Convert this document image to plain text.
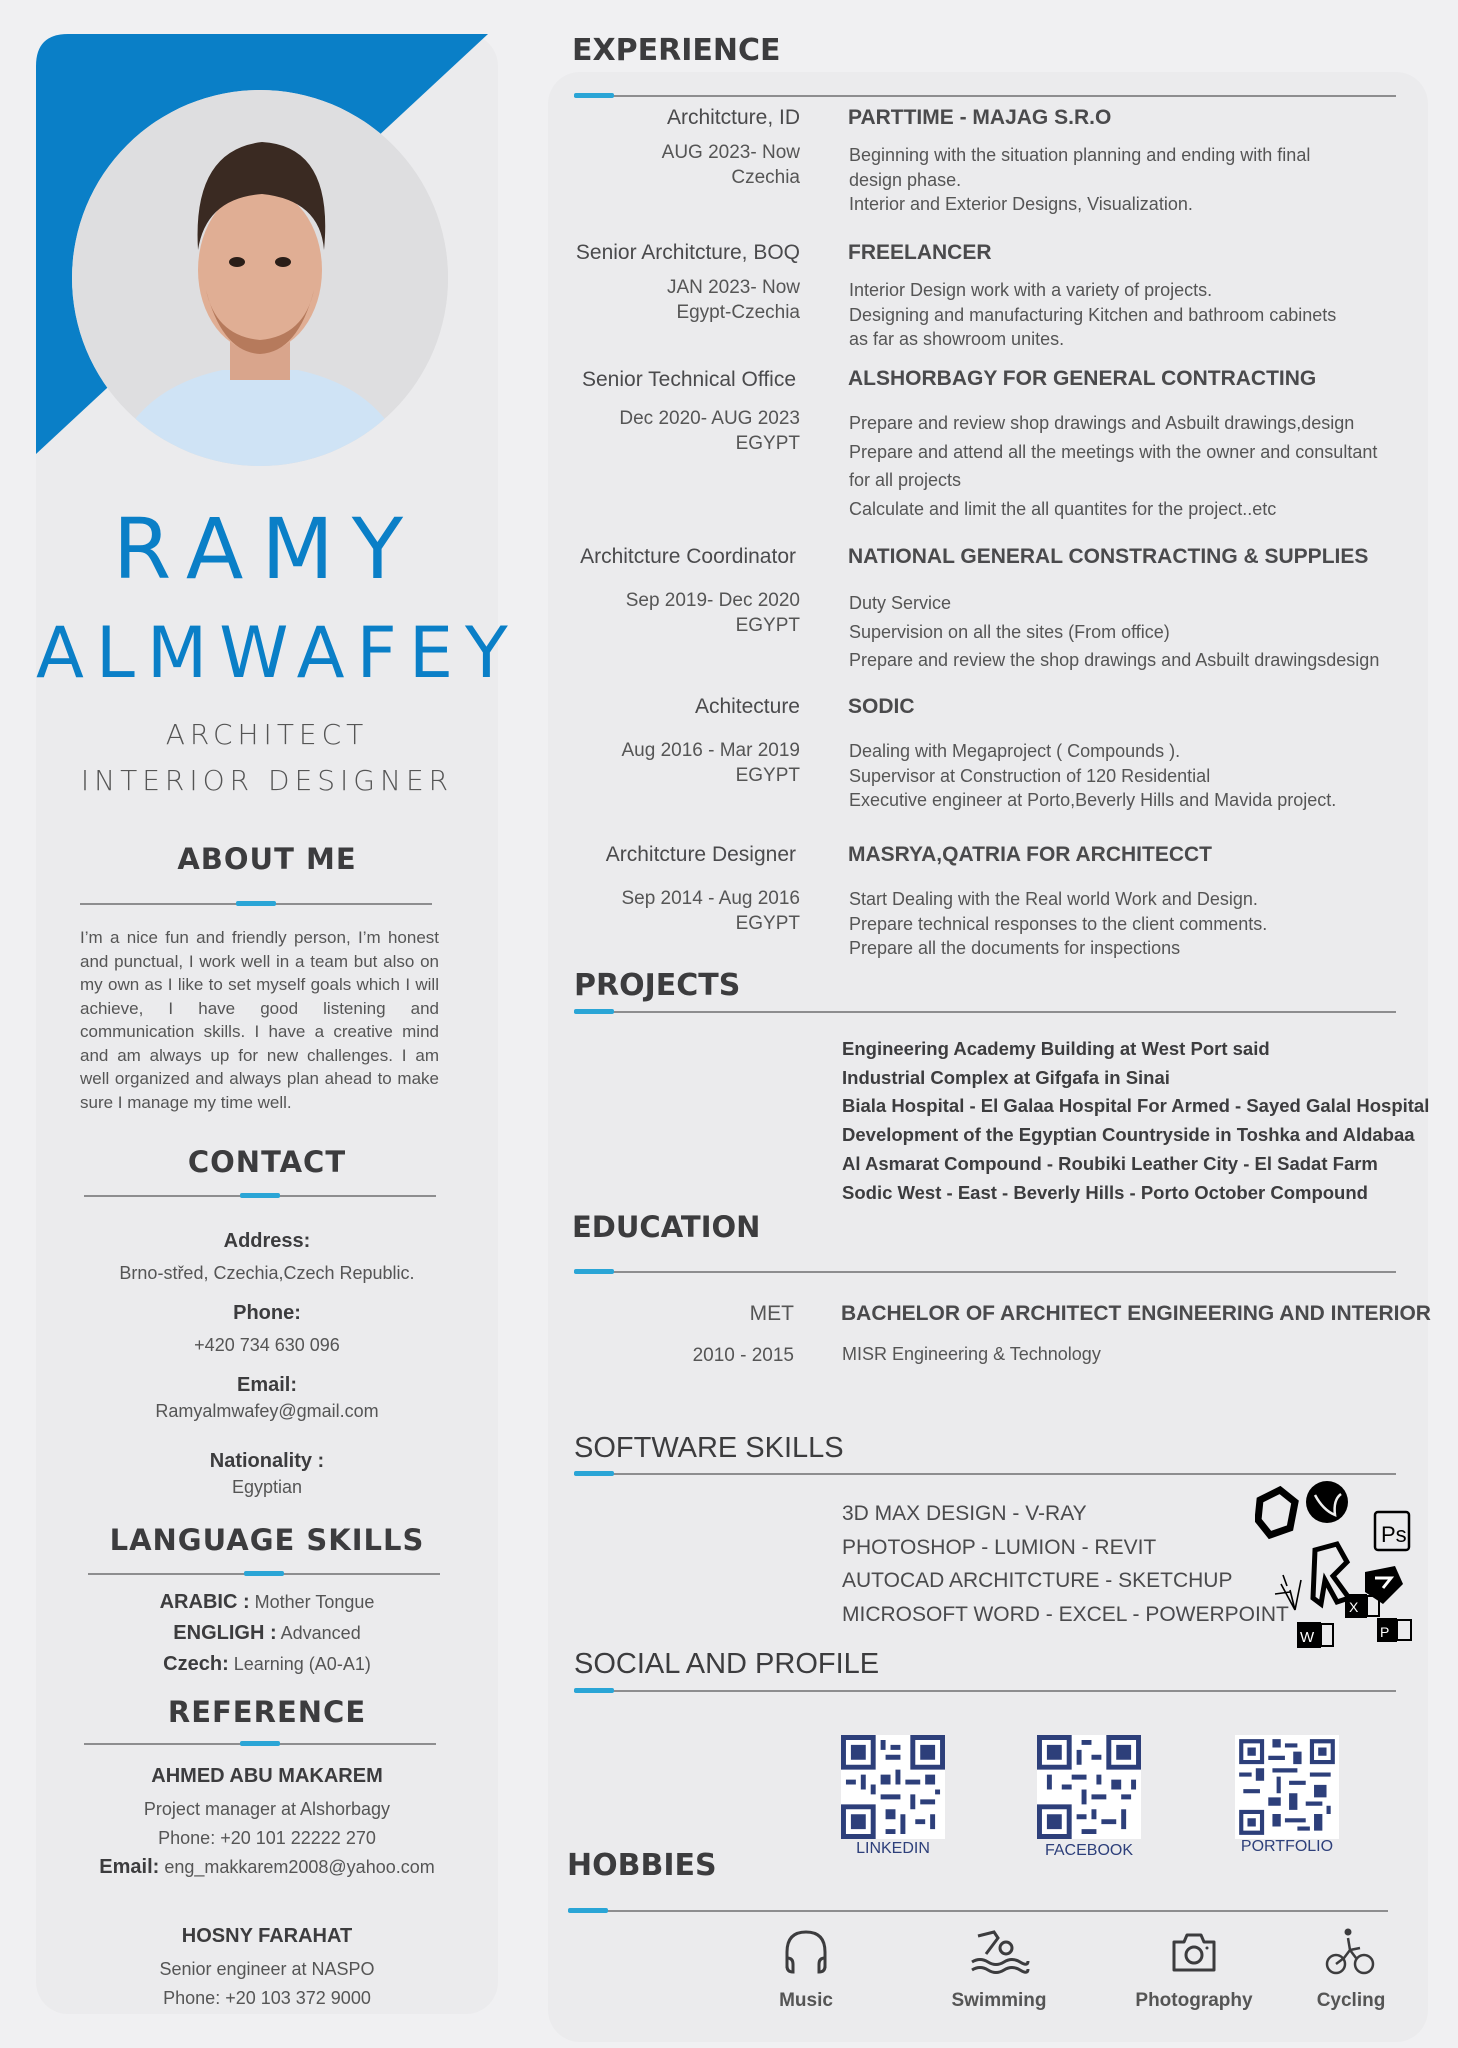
RAMY
ALMWAFEY
ARCHITECT
INTERIOR DESIGNER
ABOUT ME
I’m a nice fun and friendly person, I’m honest and punctual, I work well in a team but also on my own as I like to set myself goals which I will achieve, I have good listening and communication skills. I have a creative mind and am always up for new challenges. I am well organized and always plan ahead to make sure I manage my time well.
CONTACT
Address:
Brno-střed, Czechia,Czech Republic.
Phone:
+420 734 630 096
Email:
Ramyalmwafey@gmail.com
Nationality :
Egyptian
LANGUAGE SKILLS
ARABIC : Mother Tongue
ENGLIGH : Advanced
Czech: Learning (A0-A1)
REFERENCE
AHMED ABU MAKAREM
Project manager at Alshorbagy
Phone: +20 101 22222 270
Email: eng_makkarem2008@yahoo.com
HOSNY FARAHAT
Senior engineer at NASPO
Phone: +20 103 372 9000
EXPERIENCE
Architcture, ID
AUG 2023- Now
Czechia
PARTTIME - MAJAG S.R.O
Beginning with the situation planning and ending with final
design phase.
Interior and Exterior Designs, Visualization.
Senior Architcture, BOQ
JAN 2023- Now
Egypt-Czechia
FREELANCER
Interior Design work with a variety of projects.
Designing and manufacturing Kitchen and bathroom cabinets
as far as showroom unites.
Senior Technical Office
Dec 2020- AUG 2023
EGYPT
ALSHORBAGY FOR GENERAL CONTRACTING
Prepare and review shop drawings and Asbuilt drawings,design
Prepare and attend all the meetings with the owner and consultant
for all projects
Calculate and limit the all quantites for the project..etc
Architcture Coordinator
Sep 2019- Dec 2020
EGYPT
NATIONAL GENERAL CONSTRACTING & SUPPLIES
Duty Service
Supervision on all the sites (From office)
Prepare and review the shop drawings and Asbuilt drawingsdesign
Achitecture
Aug 2016 - Mar 2019
EGYPT
SODIC
Dealing with Megaproject ( Compounds ).
Supervisor at Construction of 120 Residential
Executive engineer at Porto,Beverly Hills and Mavida project.
Architcture Designer
Sep 2014 - Aug 2016
EGYPT
MASRYA,QATRIA FOR ARCHITECCT
Start Dealing with the Real world Work and Design.
Prepare technical responses to the client comments.
Prepare all the documents for inspections
PROJECTS
Engineering Academy Building at West Port said
Industrial Complex at Gifgafa in Sinai
Biala Hospital - El Galaa Hospital For Armed - Sayed Galal Hospital
Development of the Egyptian Countryside in Toshka and Aldabaa
Al Asmarat Compound - Roubiki Leather City - El Sadat Farm
Sodic West - East - Beverly Hills - Porto October Compound
EDUCATION
MET BACHELOR OF ARCHITECT ENGINEERING AND INTERIOR
2010 - 2015	MISR Engineering & Technology
SOFTWARE SKILLS
3D MAX DESIGN - V-RAY
PHOTOSHOP - LUMION - REVIT
AUTOCAD ARCHITCTURE - SKETCHUP
MICROSOFT WORD - EXCEL - POWERPOINT
Ps
X
W	P
SOCIAL AND PROFILE
LINKEDIN	FACEBOOK	PORTFOLIO
HOBBIES
Music	Swimming	Photography	Cycling
